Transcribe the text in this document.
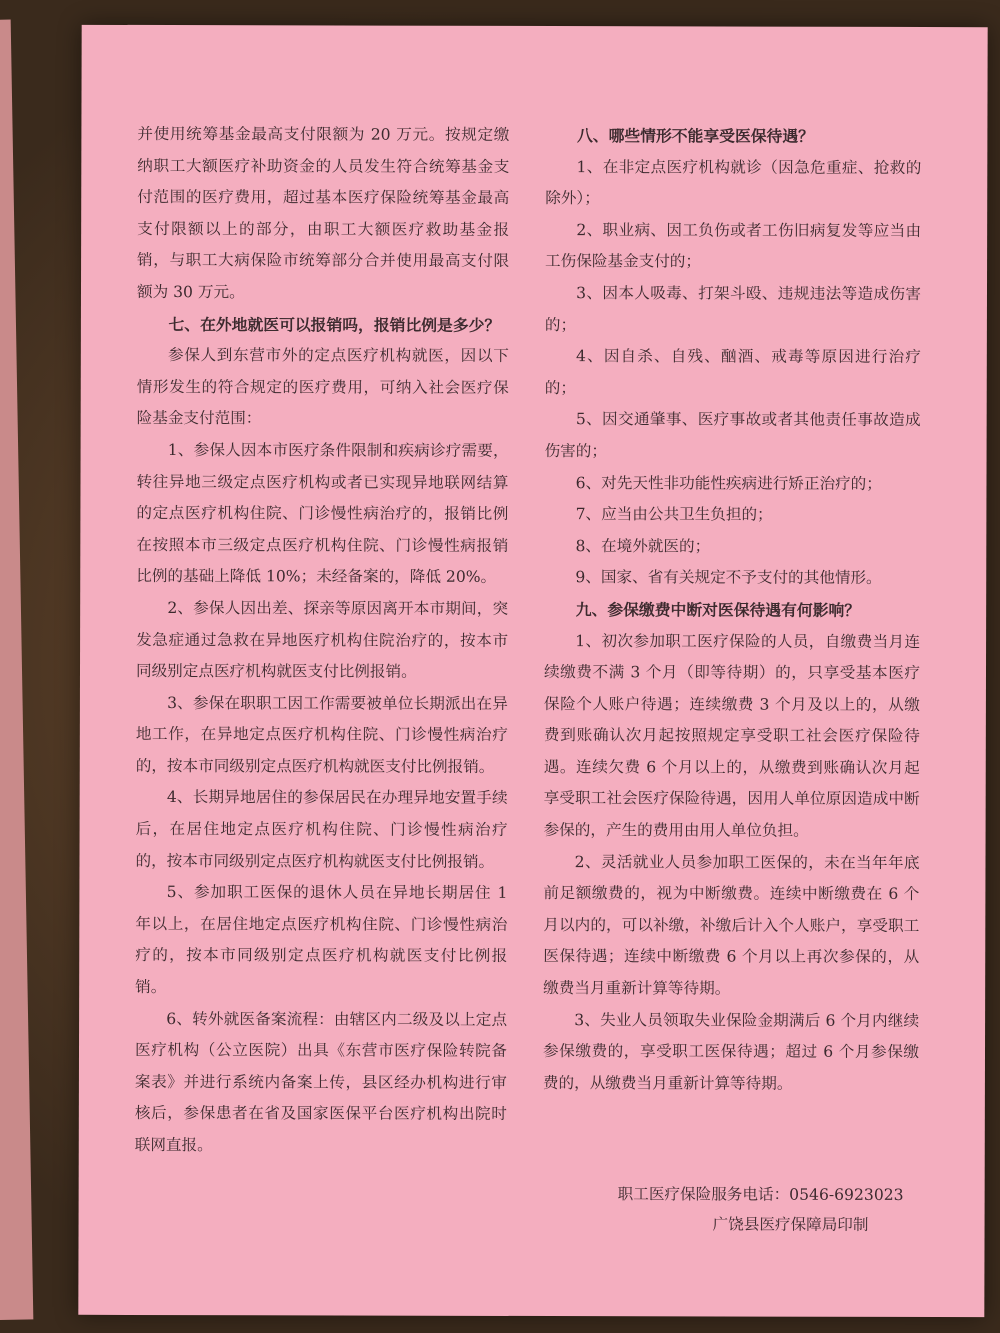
并使用统筹基金最高支付限额为 20 万元。按规定缴纳职工大额医疗补助资金的人员发生符合统筹基金支付范围的医疗费用，超过基本医疗保险统筹基金最高支付限额以上的部分，由职工大额医疗救助基金报销，与职工大病保险市统筹部分合并使用最高支付限额为 30 万元。

七、在外地就医可以报销吗，报销比例是多少？

参保人到东营市外的定点医疗机构就医，因以下情形发生的符合规定的医疗费用，可纳入社会医疗保险基金支付范围：

1、参保人因本市医疗条件限制和疾病诊疗需要，转往异地三级定点医疗机构或者已实现异地联网结算的定点医疗机构住院、门诊慢性病治疗的，报销比例在按照本市三级定点医疗机构住院、门诊慢性病报销比例的基础上降低 10%；未经备案的，降低 20%。

2、参保人因出差、探亲等原因离开本市期间，突发急症通过急救在异地医疗机构住院治疗的，按本市同级别定点医疗机构就医支付比例报销。

3、参保在职职工因工作需要被单位长期派出在异地工作，在异地定点医疗机构住院、门诊慢性病治疗的，按本市同级别定点医疗机构就医支付比例报销。

4、长期异地居住的参保居民在办理异地安置手续后，在居住地定点医疗机构住院、门诊慢性病治疗的，按本市同级别定点医疗机构就医支付比例报销。

5、参加职工医保的退休人员在异地长期居住 1 年以上，在居住地定点医疗机构住院、门诊慢性病治疗的，按本市同级别定点医疗机构就医支付比例报销。

6、转外就医备案流程：由辖区内二级及以上定点医疗机构（公立医院）出具《东营市医疗保险转院备案表》并进行系统内备案上传，县区经办机构进行审核后，参保患者在省及国家医保平台医疗机构出院时联网直报。

八、哪些情形不能享受医保待遇？

1、在非定点医疗机构就诊（因急危重症、抢救的除外）；

2、职业病、因工负伤或者工伤旧病复发等应当由工伤保险基金支付的；

3、因本人吸毒、打架斗殴、违规违法等造成伤害的；

4、因自杀、自残、酗酒、戒毒等原因进行治疗的；

5、因交通肇事、医疗事故或者其他责任事故造成伤害的；

6、对先天性非功能性疾病进行矫正治疗的；

7、应当由公共卫生负担的；

8、在境外就医的；

9、国家、省有关规定不予支付的其他情形。

九、参保缴费中断对医保待遇有何影响？

1、初次参加职工医疗保险的人员，自缴费当月连续缴费不满 3 个月（即等待期）的，只享受基本医疗保险个人账户待遇；连续缴费 3 个月及以上的，从缴费到账确认次月起按照规定享受职工社会医疗保险待遇。连续欠费 6 个月以上的，从缴费到账确认次月起享受职工社会医疗保险待遇，因用人单位原因造成中断参保的，产生的费用由用人单位负担。

2、灵活就业人员参加职工医保的，未在当年年底前足额缴费的，视为中断缴费。连续中断缴费在 6 个月以内的，可以补缴，补缴后计入个人账户，享受职工医保待遇；连续中断缴费 6 个月以上再次参保的，从缴费当月重新计算等待期。

3、失业人员领取失业保险金期满后 6 个月内继续参保缴费的，享受职工医保待遇；超过 6 个月参保缴费的，从缴费当月重新计算等待期。

职工医疗保险服务电话：0546-6923023
广饶县医疗保障局印制
